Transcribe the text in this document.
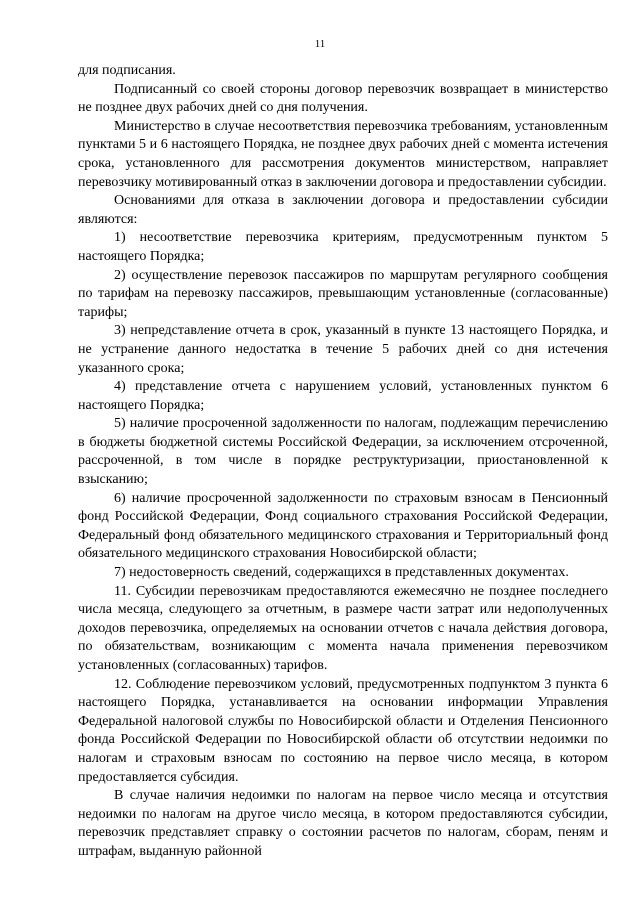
11

для подписания.

Подписанный со своей стороны договор перевозчик возвращает в министерство не позднее двух рабочих дней со дня получения.

Министерство в случае несоответствия перевозчика требованиям, установленным пунктами 5 и 6 настоящего Порядка, не позднее двух рабочих дней с момента истечения срока, установленного для рассмотрения документов министерством, направляет перевозчику мотивированный отказ в заключении договора и предоставлении субсидии.

Основаниями для отказа в заключении договора и предоставлении субсидии являются:

1) несоответствие перевозчика критериям, предусмотренным пунктом 5 настоящего Порядка;

2) осуществление перевозок пассажиров по маршрутам регулярного сообщения по тарифам на перевозку пассажиров, превышающим установленные (согласованные) тарифы;

3) непредставление отчета в срок, указанный в пункте 13 настоящего Порядка, и не устранение данного недостатка в течение 5 рабочих дней со дня истечения указанного срока;

4) представление отчета с нарушением условий, установленных пунктом 6 настоящего Порядка;

5) наличие просроченной задолженности по налогам, подлежащим перечислению в бюджеты бюджетной системы Российской Федерации, за исключением отсроченной, рассроченной, в том числе в порядке реструктуризации, приостановленной к взысканию;

6) наличие просроченной задолженности по страховым взносам в Пенсионный фонд Российской Федерации, Фонд социального страхования Российской Федерации, Федеральный фонд обязательного медицинского страхования и Территориальный фонд обязательного медицинского страхования Новосибирской области;

7) недостоверность сведений, содержащихся в представленных документах.

11. Субсидии перевозчикам предоставляются ежемесячно не позднее последнего числа месяца, следующего за отчетным, в размере части затрат или недополученных доходов перевозчика, определяемых на основании отчетов с начала действия договора, по обязательствам, возникающим с момента начала применения перевозчиком установленных (согласованных) тарифов.

12. Соблюдение перевозчиком условий, предусмотренных подпунктом 3 пункта 6 настоящего Порядка, устанавливается на основании информации Управления Федеральной налоговой службы по Новосибирской области и Отделения Пенсионного фонда Российской Федерации по Новосибирской области об отсутствии недоимки по налогам и страховым взносам по состоянию на первое число месяца, в котором предоставляется субсидия.

В случае наличия недоимки по налогам на первое число месяца и отсутствия недоимки по налогам на другое число месяца, в котором предоставляются субсидии, перевозчик представляет справку о состоянии расчетов по налогам, сборам, пеням и штрафам, выданную районной
